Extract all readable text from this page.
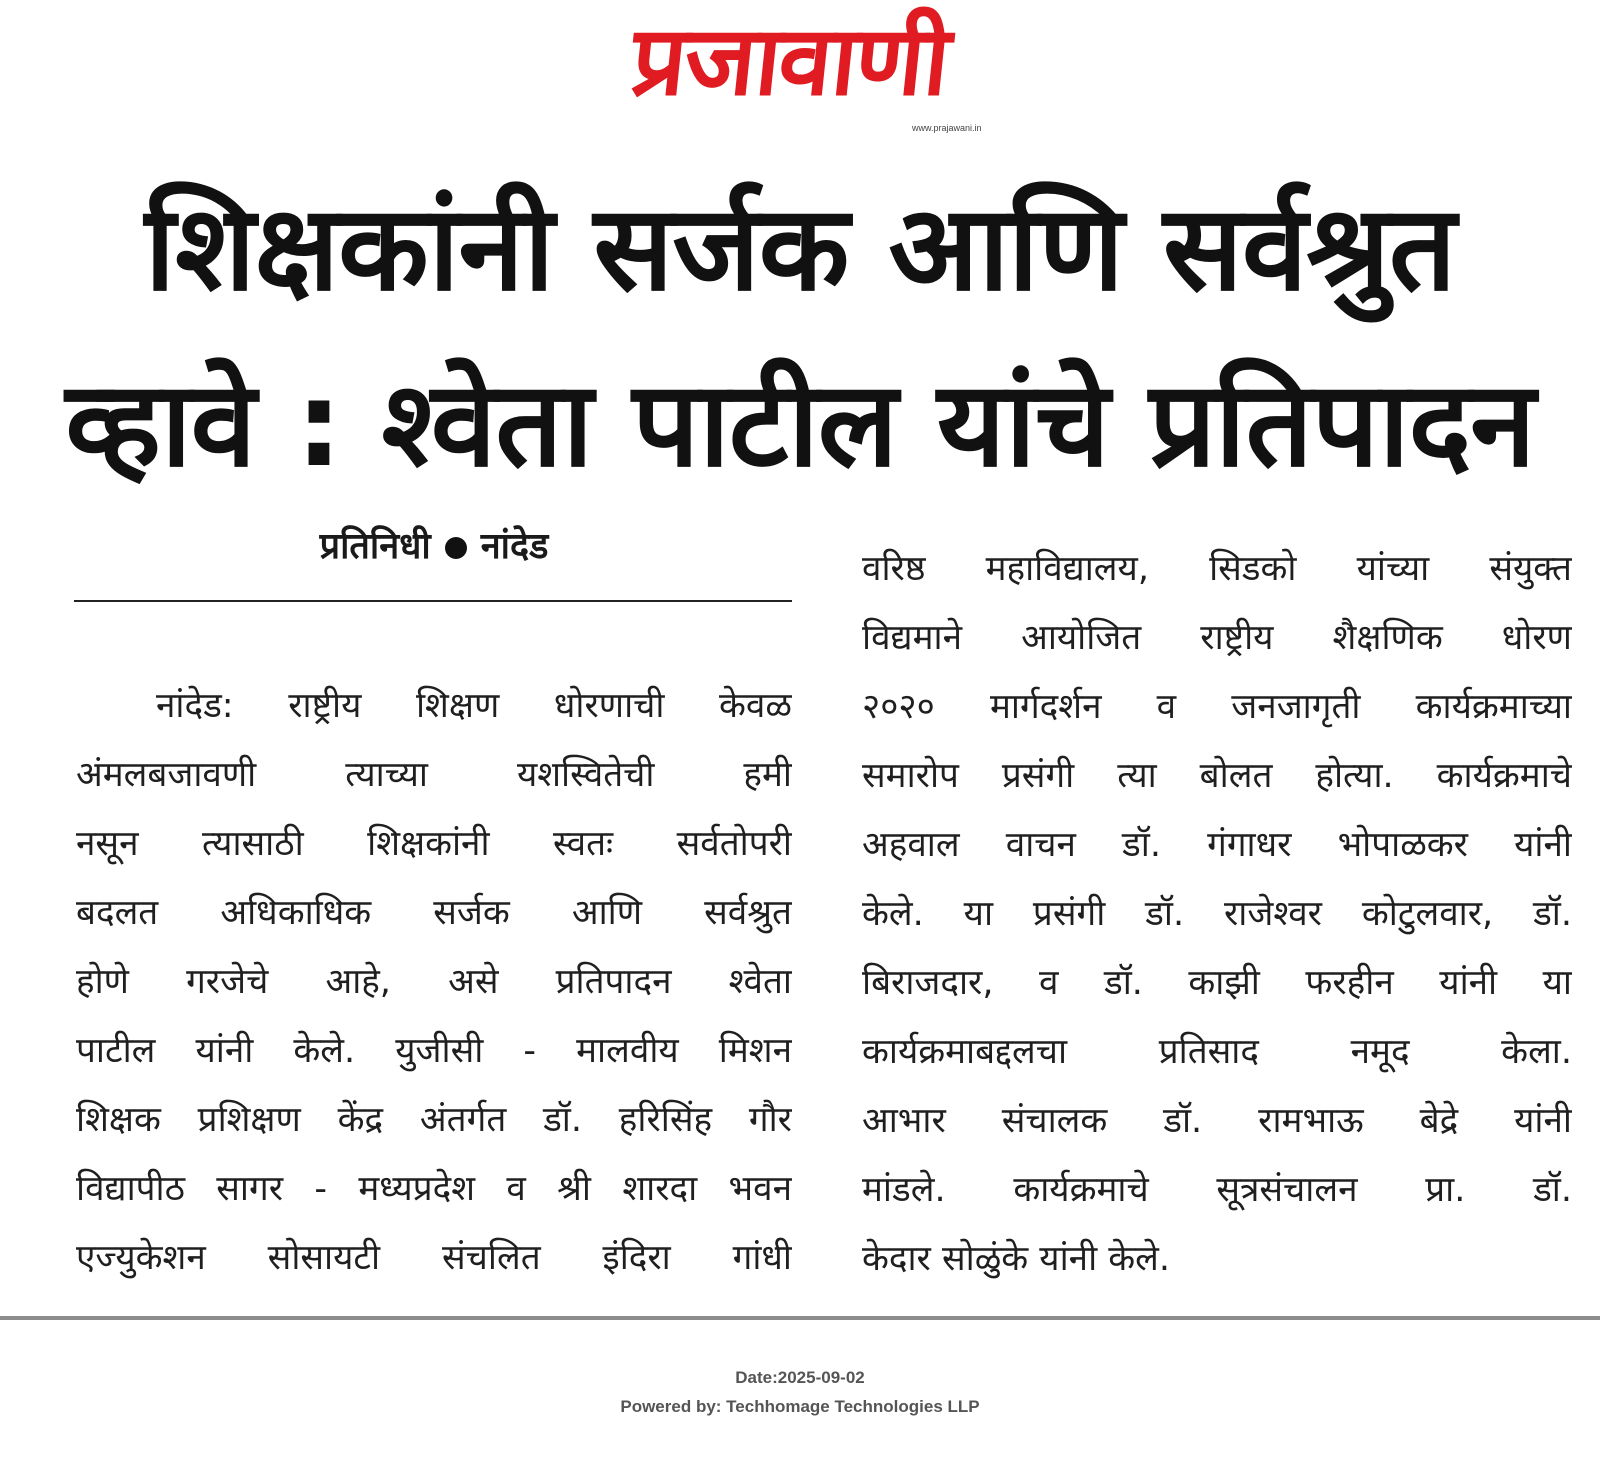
प्रजावाणी
www.prajawani.in
शिक्षकांनी सर्जक आणि सर्वश्रुत
व्हावे : श्वेता पाटील यांचे प्रतिपादन
प्रतिनिधी नांदेड
नांदेड: राष्ट्रीय शिक्षण धोरणाची केवळ
अंमलबजावणी त्याच्या यशस्वितेची हमी
नसून त्यासाठी शिक्षकांनी स्वतः सर्वतोपरी
बदलत अधिकाधिक सर्जक आणि सर्वश्रुत
होणे गरजेचे आहे, असे प्रतिपादन श्वेता
पाटील यांनी केले. युजीसी - मालवीय मिशन
शिक्षक प्रशिक्षण केंद्र अंतर्गत डॉ. हरिसिंह गौर
विद्यापीठ सागर - मध्यप्रदेश व श्री शारदा भवन
एज्युकेशन सोसायटी संचलित इंदिरा गांधी
वरिष्ठ महाविद्यालय, सिडको यांच्या संयुक्त
विद्यमाने आयोजित राष्ट्रीय शैक्षणिक धोरण
२०२० मार्गदर्शन व जनजागृती कार्यक्रमाच्या
समारोप प्रसंगी त्या बोलत होत्या. कार्यक्रमाचे
अहवाल वाचन डॉ. गंगाधर भोपाळकर यांनी
केले. या प्रसंगी डॉ. राजेश्वर कोटुलवार, डॉ.
बिराजदार, व डॉ. काझी फरहीन यांनी या
कार्यक्रमाबद्दलचा प्रतिसाद नमूद केला.
आभार संचालक डॉ. रामभाऊ बेद्रे यांनी
मांडले. कार्यक्रमाचे सूत्रसंचालन प्रा. डॉ.
केदार सोळुंके यांनी केले.
Date:2025-09-02
Powered by: Techhomage Technologies LLP
